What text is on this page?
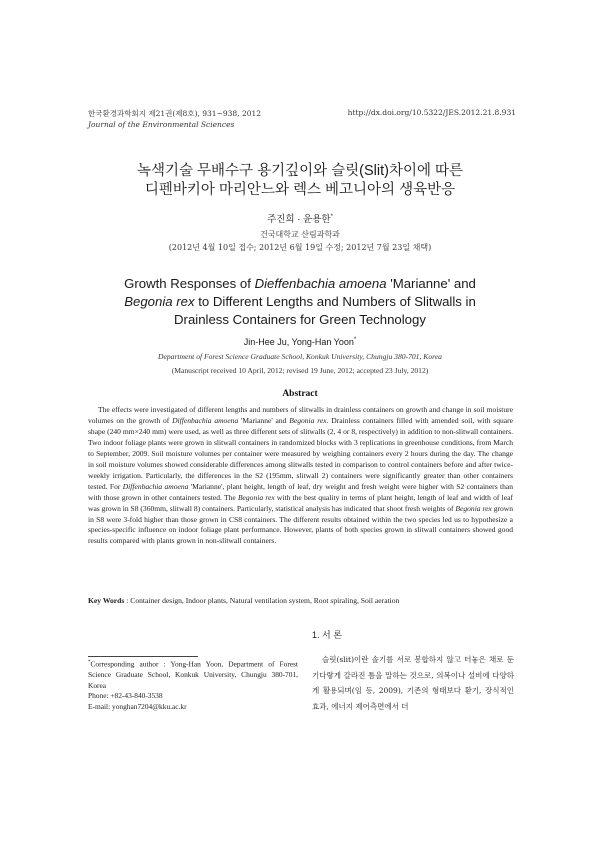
한국환경과학회지 제21권(제8호), 931~938, 2012
Journal of the Environmental Sciences
http://dx.doi.org/10.5322/JES.2012.21.8.931
녹색기술 무배수구 용기깊이와 슬릿(Slit)차이에 따른
디펜바키아 마리안느와 렉스 베고니아의 생육반응
주진희 · 윤용한*
건국대학교 산림과학과
(2012년 4월 10일 접수; 2012년 6월 19일 수정; 2012년 7월 23일 채택)
Growth Responses of Dieffenbachia amoena 'Marianne' and
Begonia rex to Different Lengths and Numbers of Slitwalls in
Drainless Containers for Green Technology
Jin-Hee Ju, Yong-Han Yoon*
Department of Forest Science Graduate School, Konkuk University, Chungju 380-701, Korea
(Manuscript received 10 April, 2012; revised 19 June, 2012; accepted 23 July, 2012)
Abstract

The effects were investigated of different lengths and numbers of slitwalls in drainless containers on growth and change in soil moisture volumes on the growth of Diffenbachia amoena 'Marianne' and Begonia rex. Drainless containers filled with amended soil, with square shape (240 mm×240 mm) were used, as well as three different sets of slitwalls (2, 4 or 8, respectively) in addition to non-slitwall containers. Two indoor foliage plants were grown in slitwall containers in randomized blocks with 3 replications in greenhouse conditions, from March to September, 2009. Soil moisture volumes per container were measured by weighing containers every 2 hours during the day. The change in soil moisture volumes showed considerable differences among slitwalls tested in comparison to control containers before and after twice-weekly irrigation. Particularly, the differences in the S2 (195mm, slitwall 2) containers were significantly greater than other containers tested. For Diffenbachia amoena 'Marianne', plant height, length of leaf, dry weight and fresh weight were higher with S2 containers than with those grown in other containers tested. The Begonia rex with the best quality in terms of plant height, length of leaf and width of leaf was grown in S8 (360mm, slitwall 8) containers. Particularly, statistical analysis has indicated that shoot fresh weights of Begonia rex grown in S8 were 3-fold higher than those grown in CS8 containers. The different results obtained within the two species led us to hypothesize a species-specific influence on indoor foliage plant performance. However, plants of both species grown in slitwall containers showed good results compared with plants grown in non-slitwall containers.

Key Words : Container design, Indoor plants, Natural ventilation system, Root spiraling, Soil aeration
*Corresponding author : Yong-Han Yoon, Department of Forest Science Graduate School, Konkuk University, Chungju 380-701, Korea
Phone: +82-43-840-3538
E-mail: yonghan7204@kku.ac.kr
1. 서 론
슬릿(slit)이란 솔기를 서로 봉합하지 않고 터놓은 채로 둔 기다랗게 갈라진 틈을 말하는 것으로, 의복이나 설비에 다양하게 활용되며(임 등, 2009), 기존의 형태보다 환기, 장식적인 효과, 에너지 제어측면에서 더
